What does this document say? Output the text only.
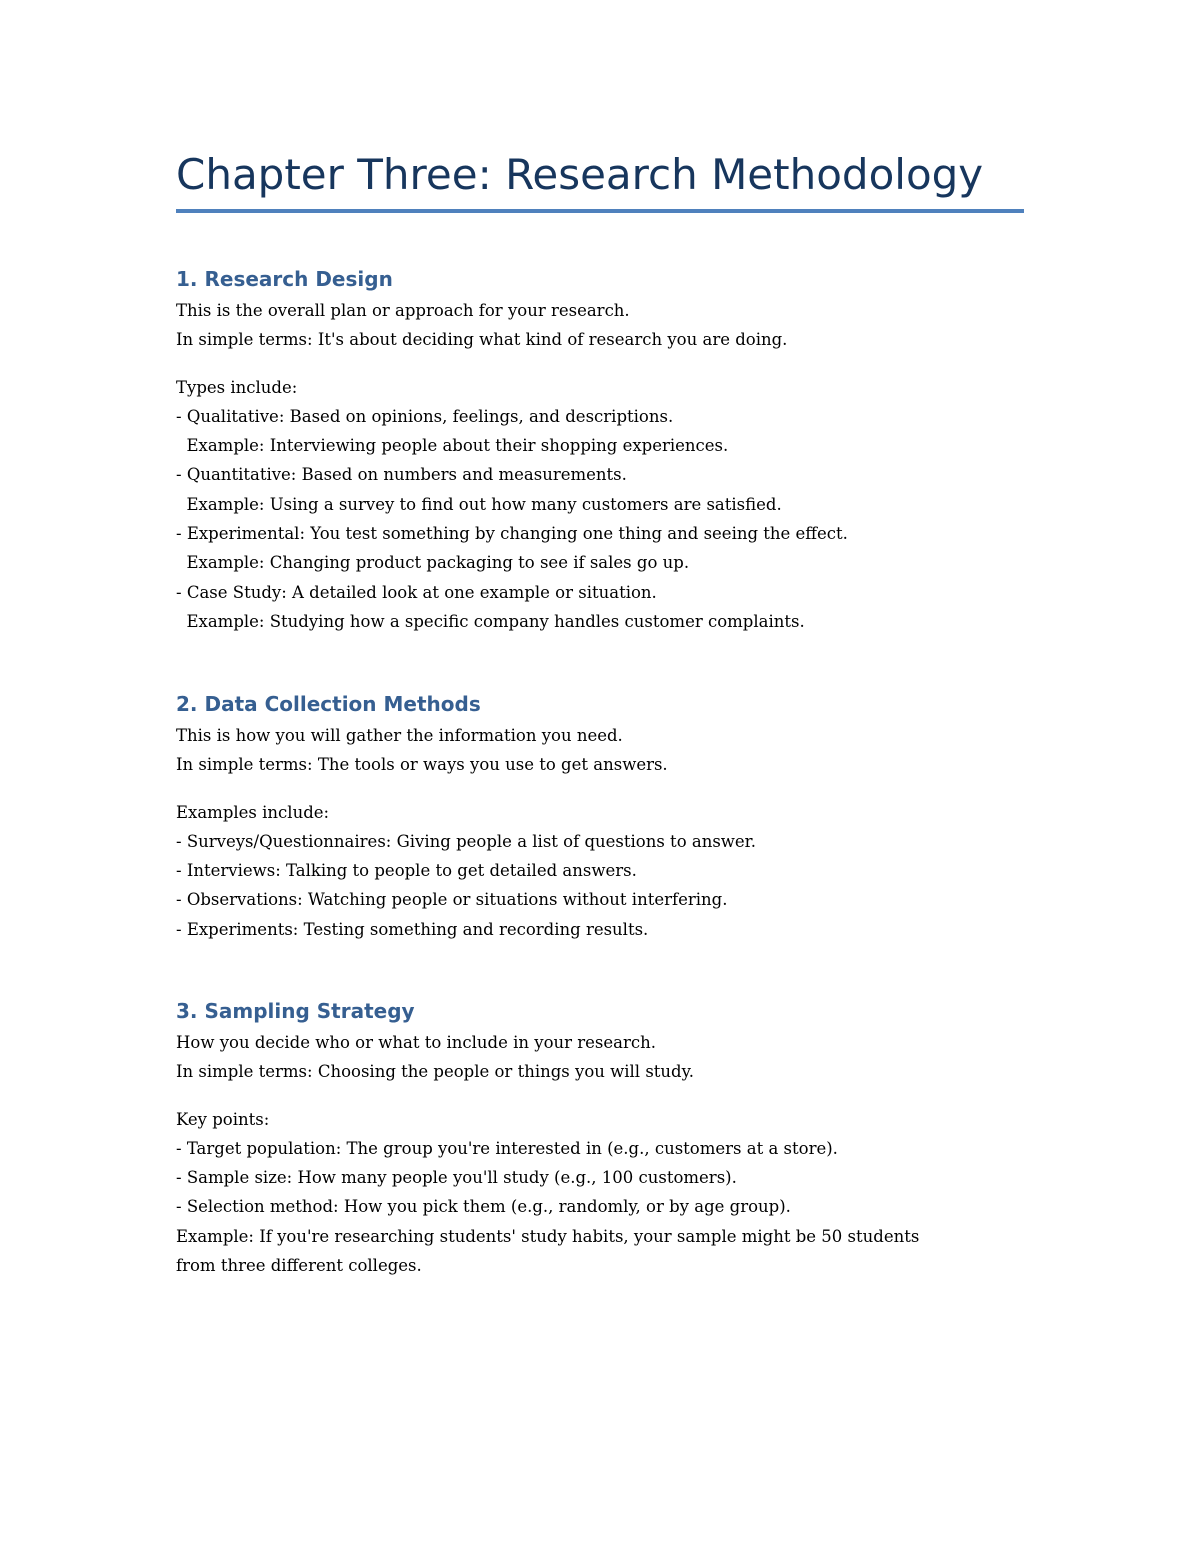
Chapter Three: Research Methodology
1. Research Design
This is the overall plan or approach for your research.
In simple terms: It's about deciding what kind of research you are doing.
Types include:
- Qualitative: Based on opinions, feelings, and descriptions.
Example: Interviewing people about their shopping experiences.
- Quantitative: Based on numbers and measurements.
Example: Using a survey to find out how many customers are satisfied.
- Experimental: You test something by changing one thing and seeing the effect.
Example: Changing product packaging to see if sales go up.
- Case Study: A detailed look at one example or situation.
Example: Studying how a specific company handles customer complaints.
2. Data Collection Methods
This is how you will gather the information you need.
In simple terms: The tools or ways you use to get answers.
Examples include:
- Surveys/Questionnaires: Giving people a list of questions to answer.
- Interviews: Talking to people to get detailed answers.
- Observations: Watching people or situations without interfering.
- Experiments: Testing something and recording results.
3. Sampling Strategy
How you decide who or what to include in your research.
In simple terms: Choosing the people or things you will study.
Key points:
- Target population: The group you're interested in (e.g., customers at a store).
- Sample size: How many people you'll study (e.g., 100 customers).
- Selection method: How you pick them (e.g., randomly, or by age group).
Example: If you're researching students' study habits, your sample might be 50 students
from three different colleges.
